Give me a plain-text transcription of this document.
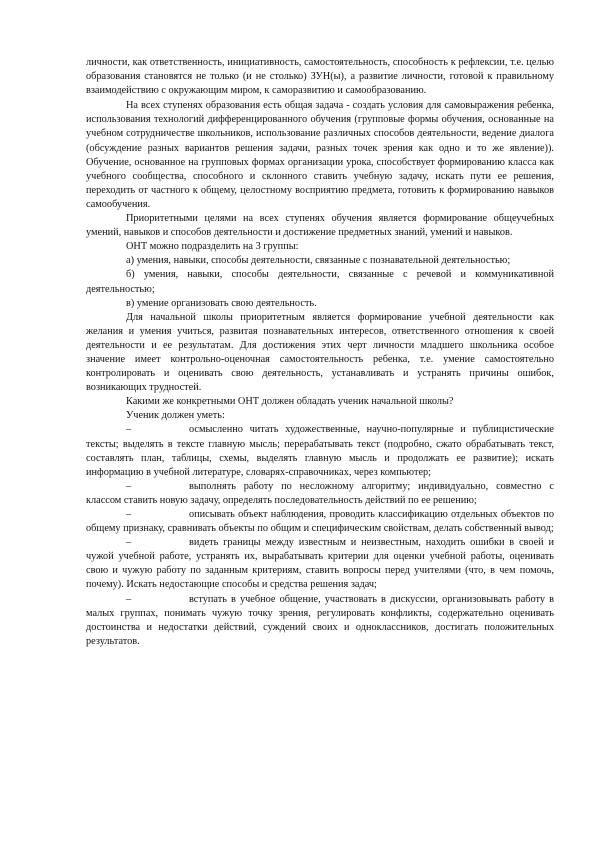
личности, как ответственность, инициативность, самостоятельность, способность к рефлексии, т.е. целью образования становятся не только (и не столько) ЗУН(ы), а развитие личности, готовой к правильному взаимодействию с окружающим миром, к саморазвитию и самообразованию.

На всех ступенях образования есть общая задача - создать условия для самовыражения ребенка, использования технологий дифференцированного обучения (групповые формы обучения, основанные на учебном сотрудничестве школьников, использование различных способов деятельности, ведение диалога (обсуждение разных вариантов решения задачи, разных точек зрения как одно и то же явление)). Обучение, основанное на групповых формах организации урока, способствует формированию класса как учебного сообщества, способного и склонного ставить учебную задачу, искать пути ее решения, переходить от частного к общему, целостному восприятию предмета, готовить к формированию навыков самообучения.

Приоритетными целями на всех ступенях обучения является формирование общеучебных умений, навыков и способов деятельности и достижение предметных знаний, умений и навыков.

ОНТ можно подразделить на 3 группы:

а) умения, навыки, способы деятельности, связанные с познавательной деятельностью;

б) умения, навыки, способы деятельности, связанные с речевой и коммуникативной деятельностью;

в) умение организовать свою деятельность.

Для начальной школы приоритетным является формирование учебной деятельности как желания и умения учиться, развитая познавательных интересов, ответственного отношения к своей деятельности и ее результатам. Для достижения этих черт личности младшего школьника особое значение имеет контрольно-оценочная самостоятельность ребенка, т.е. умение самостоятельно контролировать и оценивать свою деятельность, устанавливать и устранять причины ошибок, возникающих трудностей.

Какими же конкретными ОНТ должен обладать ученик начальной школы?

Ученик должен уметь:

–	осмысленно читать художественные, научно-популярные и публицистические тексты; выделять в тексте главную мысль; перерабатывать текст (подробно, сжато обрабатывать текст, составлять план, таблицы, схемы, выделять главную мысль и продолжать ее развитие); искать информацию в учебной литературе, словарях-справочниках, через компьютер;
–	выполнять работу по несложному алгоритму; индивидуально, совместно с классом ставить новую задачу, определять последовательность действий по ее решению;
–	описывать объект наблюдения, проводить классификацию отдельных объектов по общему признаку, сравнивать объекты по общим и специфическим свойствам, делать собственный вывод;
–	видеть границы между известным и неизвестным, находить ошибки в своей и чужой учебной работе, устранять их, вырабатывать критерии для оценки учебной работы, оценивать свою и чужую работу по заданным критериям, ставить вопросы перед учителями (что, в чем помочь, почему). Искать недостающие способы и средства решения задач;
–	вступать в учебное общение, участвовать в дискуссии, организовывать работу в малых группах, понимать чужую точку зрения, регулировать конфликты, содержательно оценивать достоинства и недостатки действий, суждений своих и одноклассников, достигать положительных результатов.
